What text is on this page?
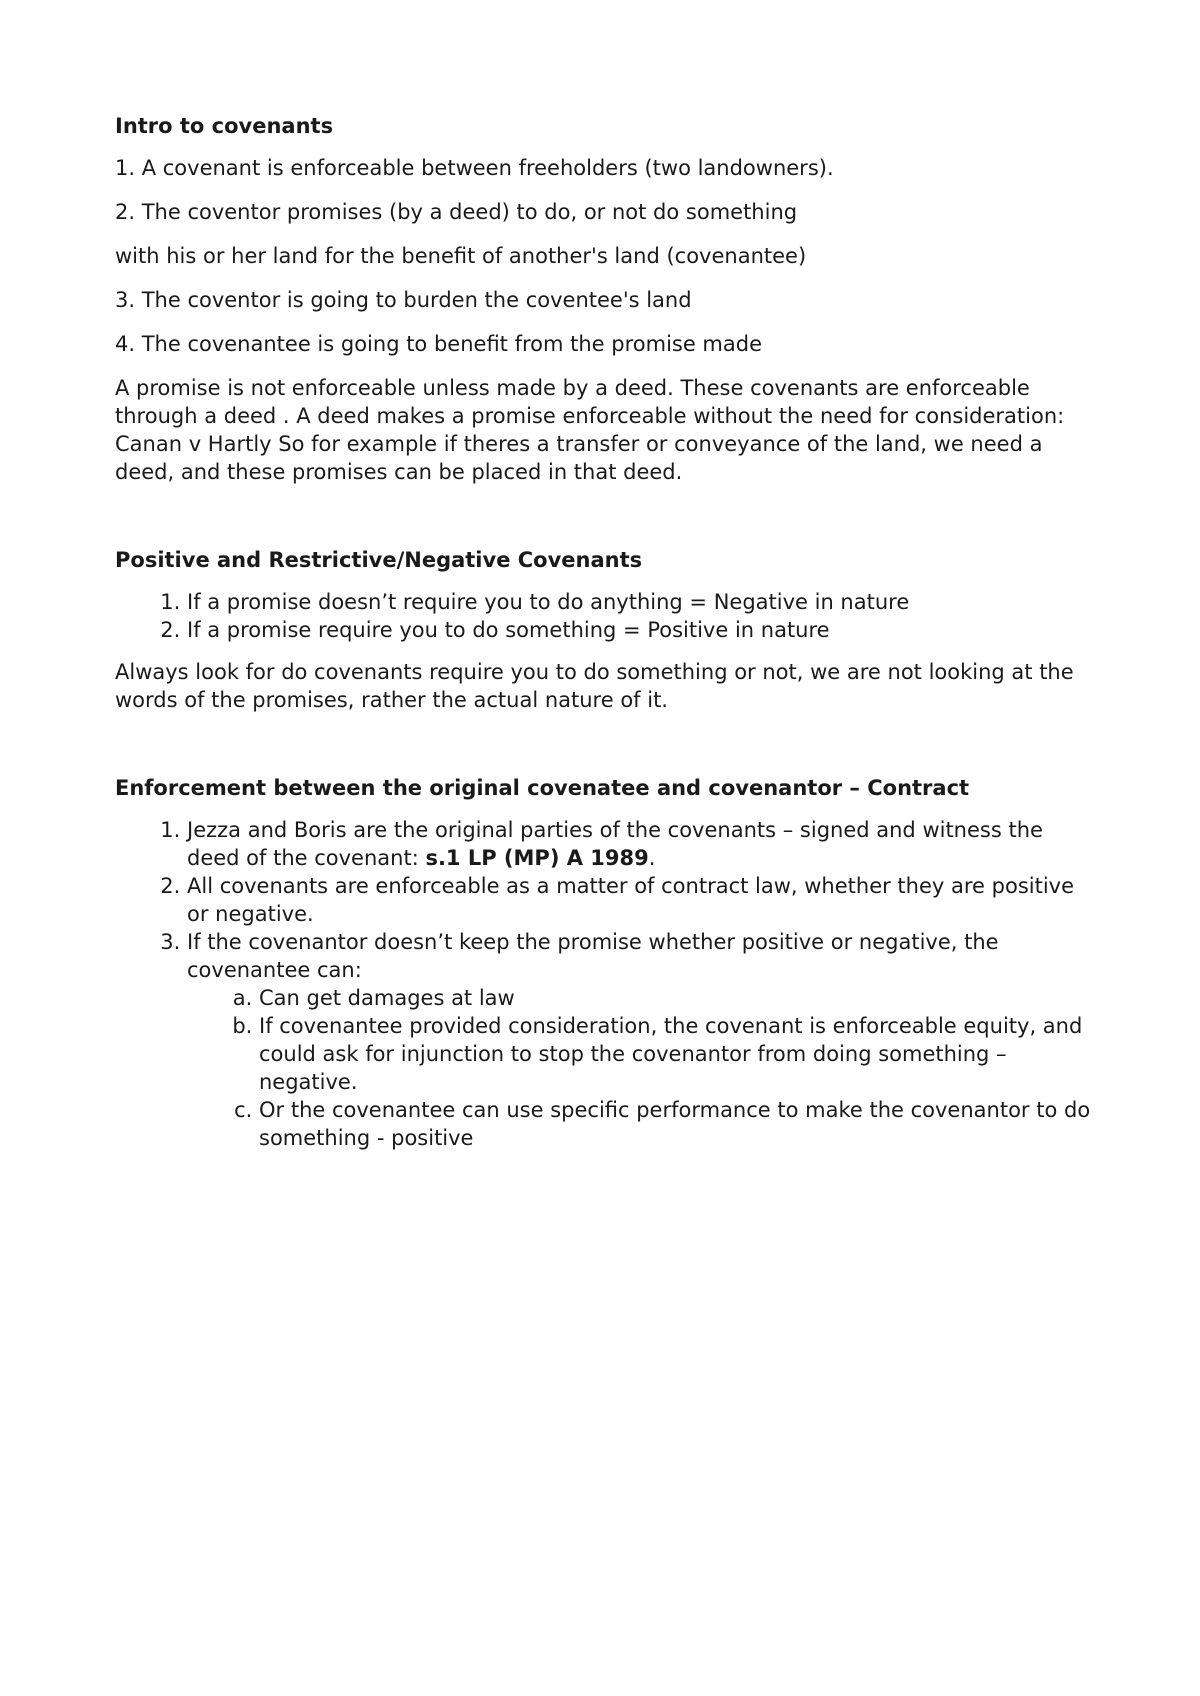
Intro to covenants

1. A covenant is enforceable between freeholders (two landowners).

2. The coventor promises (by a deed) to do, or not do something

with his or her land for the benefit of another's land (covenantee)

3. The coventor is going to burden the coventee's land

4. The covenantee is going to benefit from the promise made

A promise is not enforceable unless made by a deed. These covenants are enforceable through a deed . A deed makes a promise enforceable without the need for consideration: Canan v Hartly So for example if theres a transfer or conveyance of the land, we need a deed, and these promises can be placed in that deed.

Positive and Restrictive/Negative Covenants
1. If a promise doesn’t require you to do anything = Negative in nature
2. If a promise require you to do something = Positive in nature

Always look for do covenants require you to do something or not, we are not looking at the words of the promises, rather the actual nature of it.

Enforcement between the original covenatee and covenantor – Contract
1. Jezza and Boris are the original parties of the covenants – signed and witness the deed of the covenant: s.1 LP (MP) A 1989.
2. All covenants are enforceable as a matter of contract law, whether they are positive or negative.
3. If the covenantor doesn’t keep the promise whether positive or negative, the covenantee can:
a. Can get damages at law
b. If covenantee provided consideration, the covenant is enforceable equity, and could ask for injunction to stop the covenantor from doing something – negative.
c. Or the covenantee can use specific performance to make the covenantor to do something - positive
